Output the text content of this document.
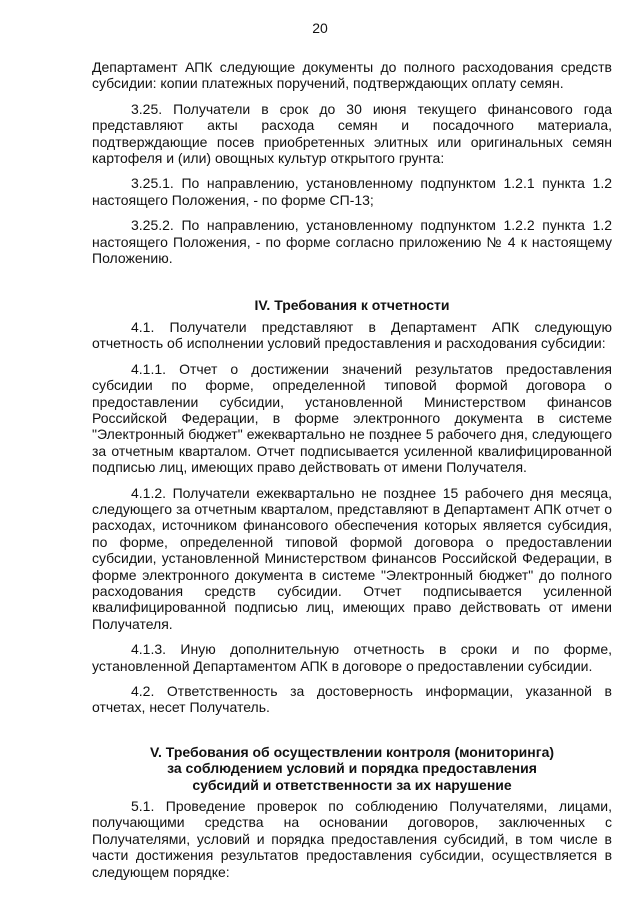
20

Департамент АПК следующие документы до полного расходования средств субсидии: копии платежных поручений, подтверждающих оплату семян.

3.25. Получатели в срок до 30 июня текущего финансового года представляют акты расхода семян и посадочного материала, подтверждающие посев приобретенных элитных или оригинальных семян картофеля и (или) овощных культур открытого грунта:

3.25.1. По направлению, установленному подпунктом 1.2.1 пункта 1.2 настоящего Положения, - по форме СП-13;

3.25.2. По направлению, установленному подпунктом 1.2.2 пункта 1.2 настоящего Положения, - по форме согласно приложению № 4 к настоящему Положению.

IV. Требования к отчетности

4.1. Получатели представляют в Департамент АПК следующую отчетность об исполнении условий предоставления и расходования субсидии:

4.1.1. Отчет о достижении значений результатов предоставления субсидии по форме, определенной типовой формой договора о предоставлении субсидии, установленной Министерством финансов Российской Федерации, в форме электронного документа в системе "Электронный бюджет" ежеквартально не позднее 5 рабочего дня, следующего за отчетным кварталом. Отчет подписывается усиленной квалифицированной подписью лиц, имеющих право действовать от имени Получателя.

4.1.2. Получатели ежеквартально не позднее 15 рабочего дня месяца, следующего за отчетным кварталом, представляют в Департамент АПК отчет о расходах, источником финансового обеспечения которых является субсидия, по форме, определенной типовой формой договора о предоставлении субсидии, установленной Министерством финансов Российской Федерации, в форме электронного документа в системе "Электронный бюджет" до полного расходования средств субсидии. Отчет подписывается усиленной квалифицированной подписью лиц, имеющих право действовать от имени Получателя.

4.1.3. Иную дополнительную отчетность в сроки и по форме, установленной Департаментом АПК в договоре о предоставлении субсидии.

4.2. Ответственность за достоверность информации, указанной в отчетах, несет Получатель.

V. Требования об осуществлении контроля (мониторинга)
за соблюдением условий и порядка предоставления
субсидий и ответственности за их нарушение

5.1. Проведение проверок по соблюдению Получателями, лицами, получающими средства на основании договоров, заключенных с Получателями, условий и порядка предоставления субсидий, в том числе в части достижения результатов предоставления субсидии, осуществляется в следующем порядке:
